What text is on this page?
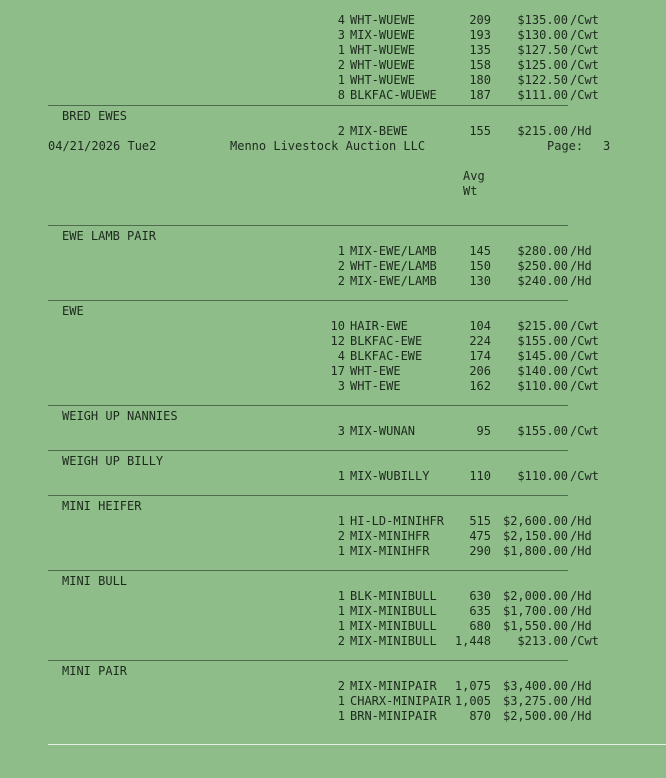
04/21/2026 Tue2	Menno Livestock Auction LLC	Page: 3
Avg
Wt
4 WHT-WUEWE	209 $135.00 /Cwt
3 MIX-WUEWE	193 $130.00 /Cwt
1 WHT-WUEWE	135 $127.50 /Cwt
2 WHT-WUEWE	158 $125.00 /Cwt
1 WHT-WUEWE	180 $122.50 /Cwt
8 BLKFAC-WUEWE	187 $111.00 /Cwt
BRED EWES
2 MIX-BEWE	155 $215.00 /Hd
EWE LAMB PAIR
1 MIX-EWE/LAMB	145 $280.00 /Hd
2 WHT-EWE/LAMB	150 $250.00 /Hd
2 MIX-EWE/LAMB	130 $240.00 /Hd
EWE
10 HAIR-EWE	104 $215.00 /Cwt
12 BLKFAC-EWE	224 $155.00 /Cwt
4 BLKFAC-EWE	174 $145.00 /Cwt
17 WHT-EWE	206 $140.00 /Cwt
3 WHT-EWE	162 $110.00 /Cwt
WEIGH UP NANNIES
3 MIX-WUNAN	95 $155.00 /Cwt
WEIGH UP BILLY
1 MIX-WUBILLY	110 $110.00 /Cwt
MINI HEIFER
1 HI-LD-MINIHFR 515 $2,600.00 /Hd
2 MIX-MINIHFR	475 $2,150.00 /Hd
1 MIX-MINIHFR	290 $1,800.00 /Hd
MINI BULL
1 BLK-MINIBULL	630 $2,000.00 /Hd
1 MIX-MINIBULL	635 $1,700.00 /Hd
1 MIX-MINIBULL	680 $1,550.00 /Hd
2 MIX-MINIBULL 1,448 $213.00 /Cwt
MINI PAIR
2 MIX-MINIPAIR 1,075 $3,400.00 /Hd
1 CHARX-MINIPAIR 1,005 $3,275.00 /Hd
1 BRN-MINIPAIR	870 $2,500.00 /Hd
